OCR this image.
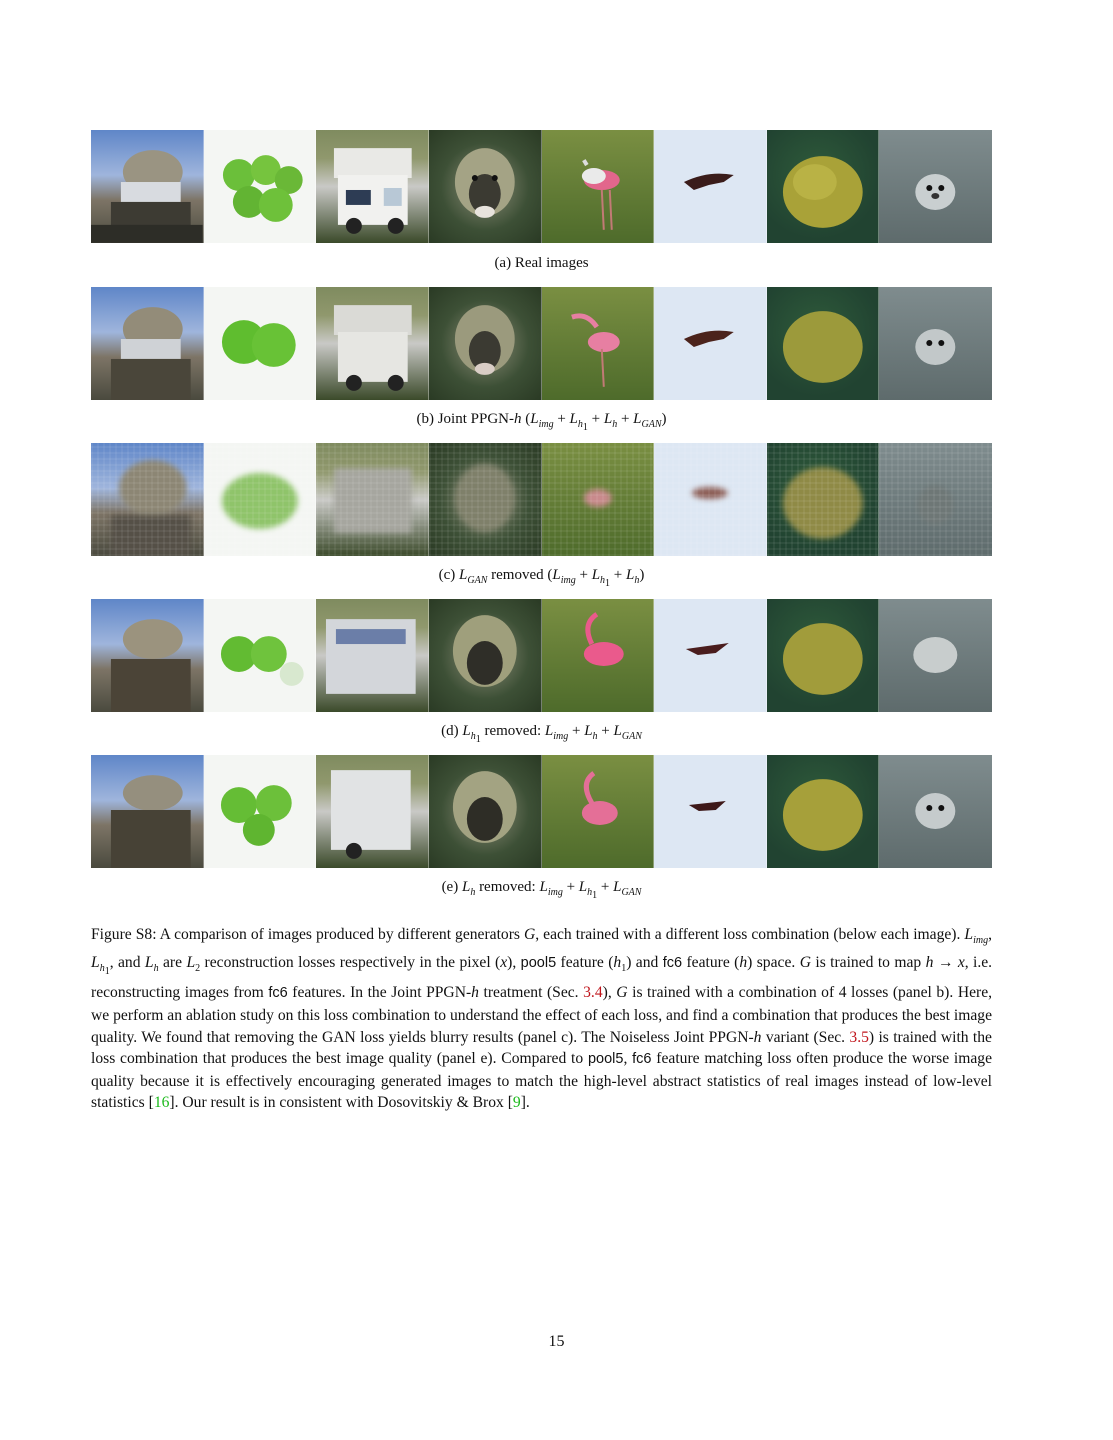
(a) Real images
(b) Joint PPGN-h $(L_{img} + L_{h_1} + L_h + L_{GAN})$
(c) $L_{GAN}$ removed $(L_{img} + L_{h_1} + L_h)$
(d) $L_{h_1}$ removed: $L_{img} + L_h + L_{GAN}$
(e) $L_h$ removed: $L_{img} + L_{h_1} + L_{GAN}$
Figure S8: A comparison of images produced by different generators G, each trained with a different loss combination (below each image). $L_{img}$, $L_{h_1}$, and $L_h$ are $L_2$ reconstruction losses respectively in the pixel (x), pool5 feature $(h_1)$ and fc6 feature (h) space. G is trained to map h → x, i.e. reconstructing images from fc6 features. In the Joint PPGN-h treatment (Sec. 3.4), G is trained with a combination of 4 losses (panel b). Here, we perform an ablation study on this loss combination to understand the effect of each loss, and find a combination that produces the best image quality. We found that removing the GAN loss yields blurry results (panel c). The Noiseless Joint PPGN-h variant (Sec. 3.5) is trained with the loss combination that produces the best image quality (panel e). Compared to pool5, fc6 feature matching loss often produce the worse image quality because it is effectively encouraging generated images to match the high-level abstract statistics of real images instead of low-level statistics [16]. Our result is in consistent with Dosovitskiy & Brox [9].
15
